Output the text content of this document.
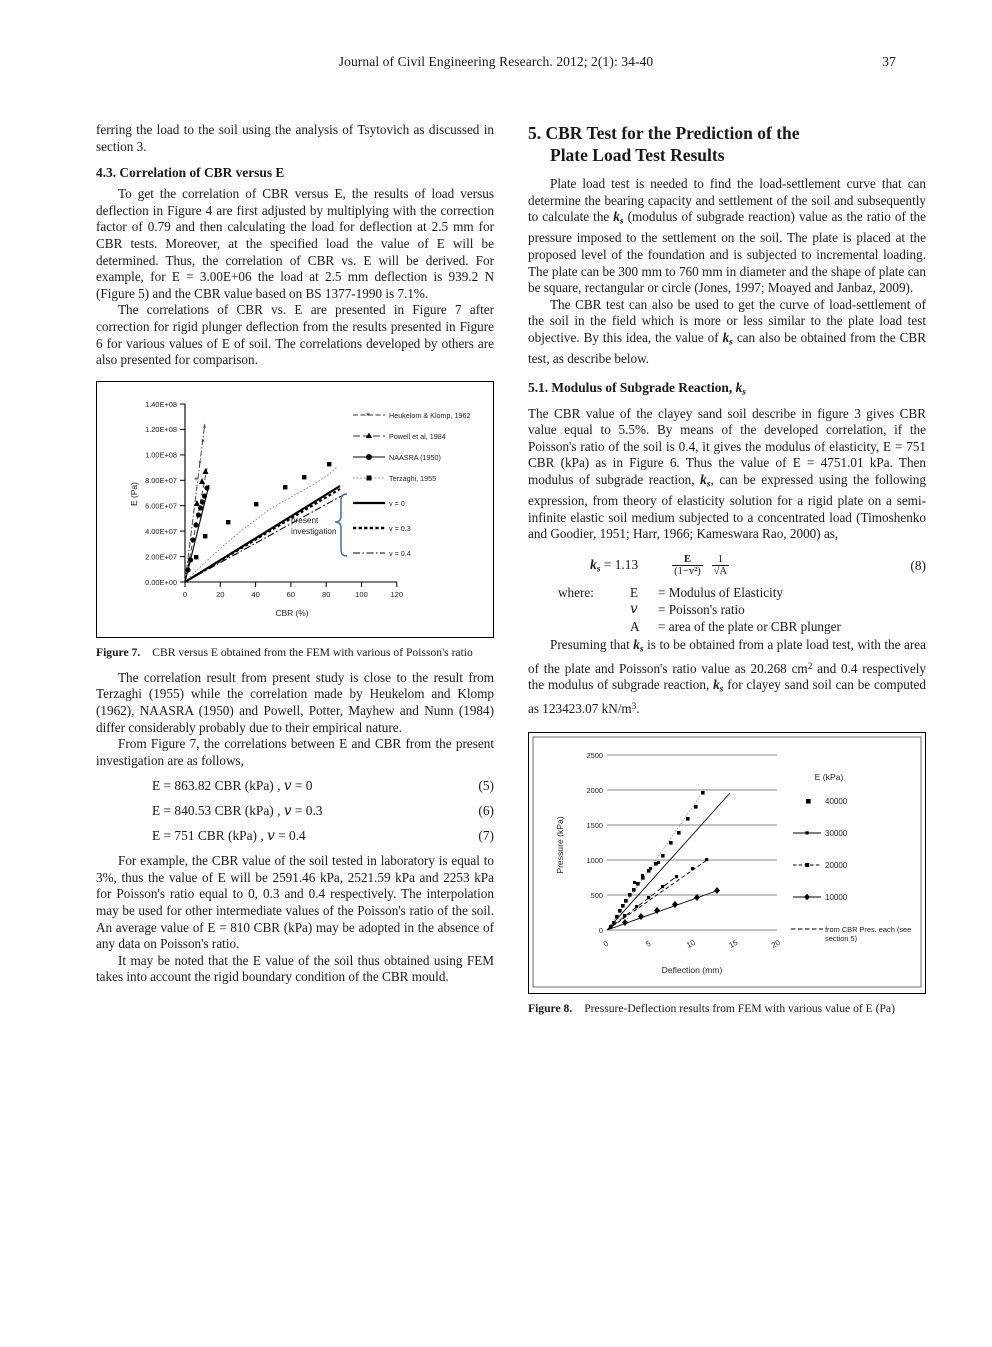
Journal of Civil Engineering Research. 2012; 2(1): 34-40	37

ferring the load to the soil using the analysis of Tsytovich as discussed in section 3.

4.3. Correlation of CBR versus E

To get the correlation of CBR versus E, the results of load versus deflection in Figure 4 are first adjusted by multiplying with the correction factor of 0.79 and then calculating the load for deflection at 2.5 mm for CBR tests. Moreover, at the specified load the value of E will be determined. Thus, the correlation of CBR vs. E will be derived. For example, for E = 3.00E+06 the load at 2.5 mm deflection is 939.2 N (Figure 5) and the CBR value based on BS 1377-1990 is 7.1%.

The correlations of CBR vs. E are presented in Figure 7 after correction for rigid plunger deflection from the results presented in Figure 6 for various values of E of soil. The correlations developed by others are also presented for comparison.

0.00E+00
2.00E+07
4.00E+07
6.00E+07
8.00E+07
1.00E+08
1.20E+08
1.40E+08
0	20	40	60	80	100	120
CBR (%)
E (Pa)
*
*
*
*
*	Heukelom & Klomp, 1962
Powell et al, 1984
NAASRA (1950)
Terzaghi, 1955
v = 0
v = 0.3
v = 0.4
present
investigation
Figure 7. CBR versus E obtained from the FEM with various of Poisson's ratio

The correlation result from present study is close to the result from Terzaghi (1955) while the correlation made by Heukelom and Klomp (1962), NAASRA (1950) and Powell, Potter, Mayhew and Nunn (1984) differ considerably probably due to their empirical nature.

From Figure 7, the correlations between E and CBR from the present investigation are as follows,

E = 863.82 CBR (kPa) , v = 0	(5)
E = 840.53 CBR (kPa) , v = 0.3	(6)
E = 751 CBR (kPa) , v = 0.4	(7)

For example, the CBR value of the soil tested in laboratory is equal to 3%, thus the value of E will be 2591.46 kPa, 2521.59 kPa and 2253 kPa for Poisson's ratio equal to 0, 0.3 and 0.4 respectively. The interpolation may be used for other intermediate values of the Poisson's ratio of the soil. An average value of E = 810 CBR (kPa) may be adopted in the absence of any data on Poisson's ratio.

It may be noted that the E value of the soil thus obtained using FEM takes into account the rigid boundary condition of the CBR mould.

5. CBR Test for the Prediction of the
Plate Load Test Results

Plate load test is needed to find the load-settlement curve that can determine the bearing capacity and settlement of the soil and subsequently to calculate the $k_s$ (modulus of subgrade reaction) value as the ratio of the pressure imposed to the settlement on the soil. The plate is placed at the proposed level of the foundation and is subjected to incremental loading. The plate can be 300 mm to 760 mm in diameter and the shape of plate can be square, rectangular or circle (Jones, 1997; Moayed and Janbaz, 2009).

The CBR test can also be used to get the curve of load-settlement of the soil in the field which is more or less similar to the plate load test objective. By this idea, the value of $k_s$ can also be obtained from the CBR test, as describe below.

5.1. Modulus of Subgrade Reaction, $k_s$

The CBR value of the clayey sand soil describe in figure 3 gives CBR value equal to 5.5%. By means of the developed correlation, if the Poisson's ratio of the soil is 0.4, it gives the modulus of elasticity, E = 751 CBR (kPa) as in Figure 6. Thus the value of E = 4751.01 kPa. Then modulus of subgrade reaction, $k_s$, can be expressed using the following expression, from theory of elasticity solution for a rigid plate on a semi-infinite elastic soil medium subjected to a concentrated load (Timoshenko and Goodier, 1951; Harr, 1966; Kameswara Rao, 2000) as,

$k_s = 1.13$	$\frac{E}{\text{(1−v²)}} \frac{1}{√A}$	(8)
where:	E	= Modulus of Elasticity
v	= Poisson's ratio
A	= area of the plate or CBR plunger

Presuming that $k_s$ is to be obtained from a plate load test, with the area of the plate and Poisson's ratio value as 20.268 $cm^2$ and 0.4 respectively the modulus of subgrade reaction, $k_s$ for clayey sand soil can be computed as 123423.07 $kN/m^3$.

2500
2000
1500
1000
500
0
0	5	10	15	20
Deflection (mm)
Pressure (kPa)
E (kPa)
40000
30000
20000
10000
from CBR Pres. each (see
section 5)
Figure 8. Pressure-Deflection results from FEM with various value of E (Pa)
